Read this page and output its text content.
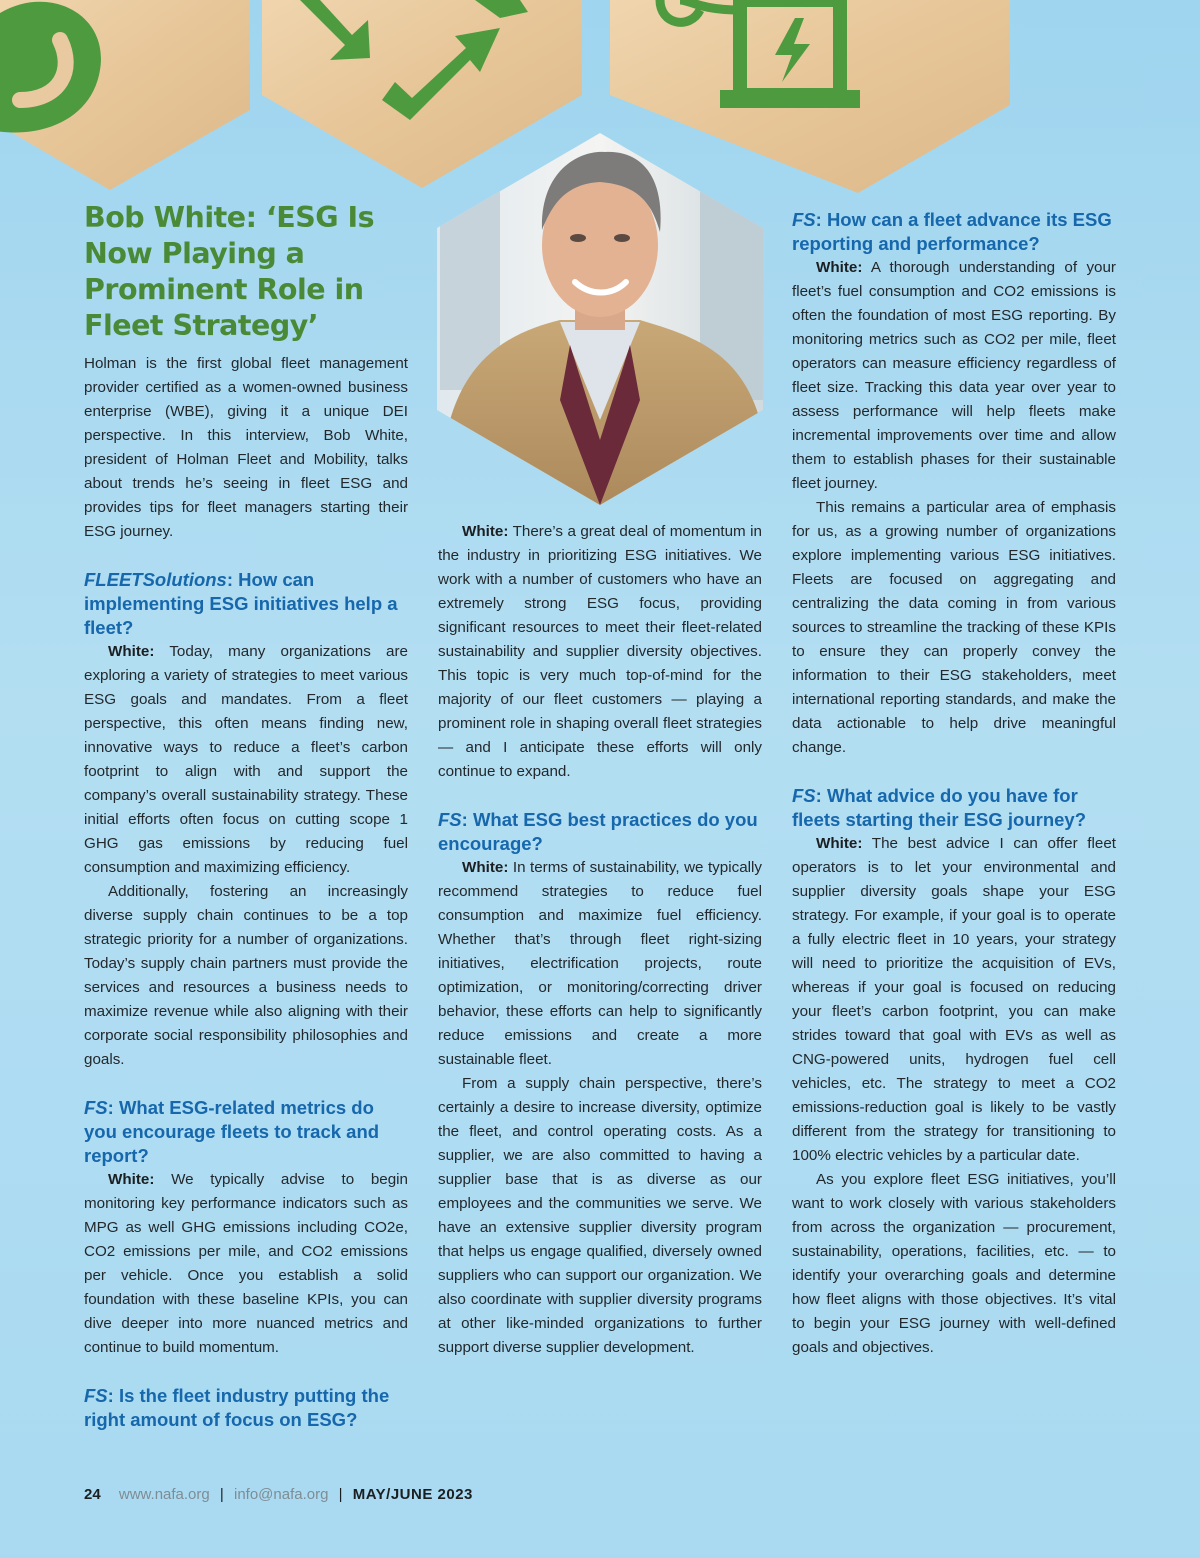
Bob White: ‘ESG Is Now Playing a Prominent Role in Fleet Strategy’

Holman is the first global fleet management provider certified as a women-owned business enterprise (WBE), giving it a unique DEI perspective. In this interview, Bob White, president of Holman Fleet and Mobility, talks about trends he’s seeing in fleet ESG and provides tips for fleet managers starting their ESG journey.

FLEETSolutions: How can implementing ESG initiatives help a fleet?

White: Today, many organizations are exploring a variety of strategies to meet various ESG goals and mandates. From a fleet perspective, this often means finding new, innovative ways to reduce a fleet’s carbon footprint to align with and support the company’s overall sustainability strategy. These initial efforts often focus on cutting scope 1 GHG gas emissions by reducing fuel consumption and maximizing efficiency.

Additionally, fostering an increasingly diverse supply chain continues to be a top strategic priority for a number of organizations. Today’s supply chain partners must provide the services and resources a business needs to maximize revenue while also aligning with their corporate social responsibility philosophies and goals.

FS: What ESG-related metrics do you encourage fleets to track and report?

White: We typically advise to begin monitoring key performance indicators such as MPG as well GHG emissions including CO2e, CO2 emissions per mile, and CO2 emissions per vehicle. Once you establish a solid foundation with these baseline KPIs, you can dive deeper into more nuanced metrics and continue to build momentum.

FS: Is the fleet industry putting the right amount of focus on ESG?

White: There’s a great deal of momentum in the industry in prioritizing ESG initiatives. We work with a number of customers who have an extremely strong ESG focus, providing significant resources to meet their fleet-related sustainability and supplier diversity objectives. This topic is very much top-of-mind for the majority of our fleet customers — playing a prominent role in shaping overall fleet strategies — and I anticipate these efforts will only continue to expand.

FS: What ESG best practices do you encourage?

White: In terms of sustainability, we typically recommend strategies to reduce fuel consumption and maximize fuel efficiency. Whether that’s through fleet right-sizing initiatives, electrification projects, route optimization, or monitoring/correcting driver behavior, these efforts can help to significantly reduce emissions and create a more sustainable fleet.

From a supply chain perspective, there’s certainly a desire to increase diversity, optimize the fleet, and control operating costs. As a supplier, we are also committed to having a supplier base that is as diverse as our employees and the communities we serve. We have an extensive supplier diversity program that helps us engage qualified, diversely owned suppliers who can support our organization. We also coordinate with supplier diversity programs at other like-minded organizations to further support diverse supplier development.

FS: How can a fleet advance its ESG reporting and performance?

White: A thorough understanding of your fleet’s fuel consumption and CO2 emissions is often the foundation of most ESG reporting. By monitoring metrics such as CO2 per mile, fleet operators can measure efficiency regardless of fleet size. Tracking this data year over year to assess performance will help fleets make incremental improvements over time and allow them to establish phases for their sustainable fleet journey.

This remains a particular area of emphasis for us, as a growing number of organizations explore implementing various ESG initiatives. Fleets are focused on aggregating and centralizing the data coming in from various sources to streamline the tracking of these KPIs to ensure they can properly convey the information to their ESG stakeholders, meet international reporting standards, and make the data actionable to help drive meaningful change.

FS: What advice do you have for fleets starting their ESG journey?

White: The best advice I can offer fleet operators is to let your environmental and supplier diversity goals shape your ESG strategy. For example, if your goal is to operate a fully electric fleet in 10 years, your strategy will need to prioritize the acquisition of EVs, whereas if your goal is focused on reducing your fleet’s carbon footprint, you can make strides toward that goal with EVs as well as CNG-powered units, hydrogen fuel cell vehicles, etc. The strategy to meet a CO2 emissions-reduction goal is likely to be vastly different from the strategy for transitioning to 100% electric vehicles by a particular date.

As you explore fleet ESG initiatives, you’ll want to work closely with various stakeholders from across the organization — procurement, sustainability, operations, facilities, etc. — to identify your overarching goals and determine how fleet aligns with those objectives. It’s vital to begin your ESG journey with well-defined goals and objectives.

24 www.nafa.org | info@nafa.org | MAY/JUNE 2023
